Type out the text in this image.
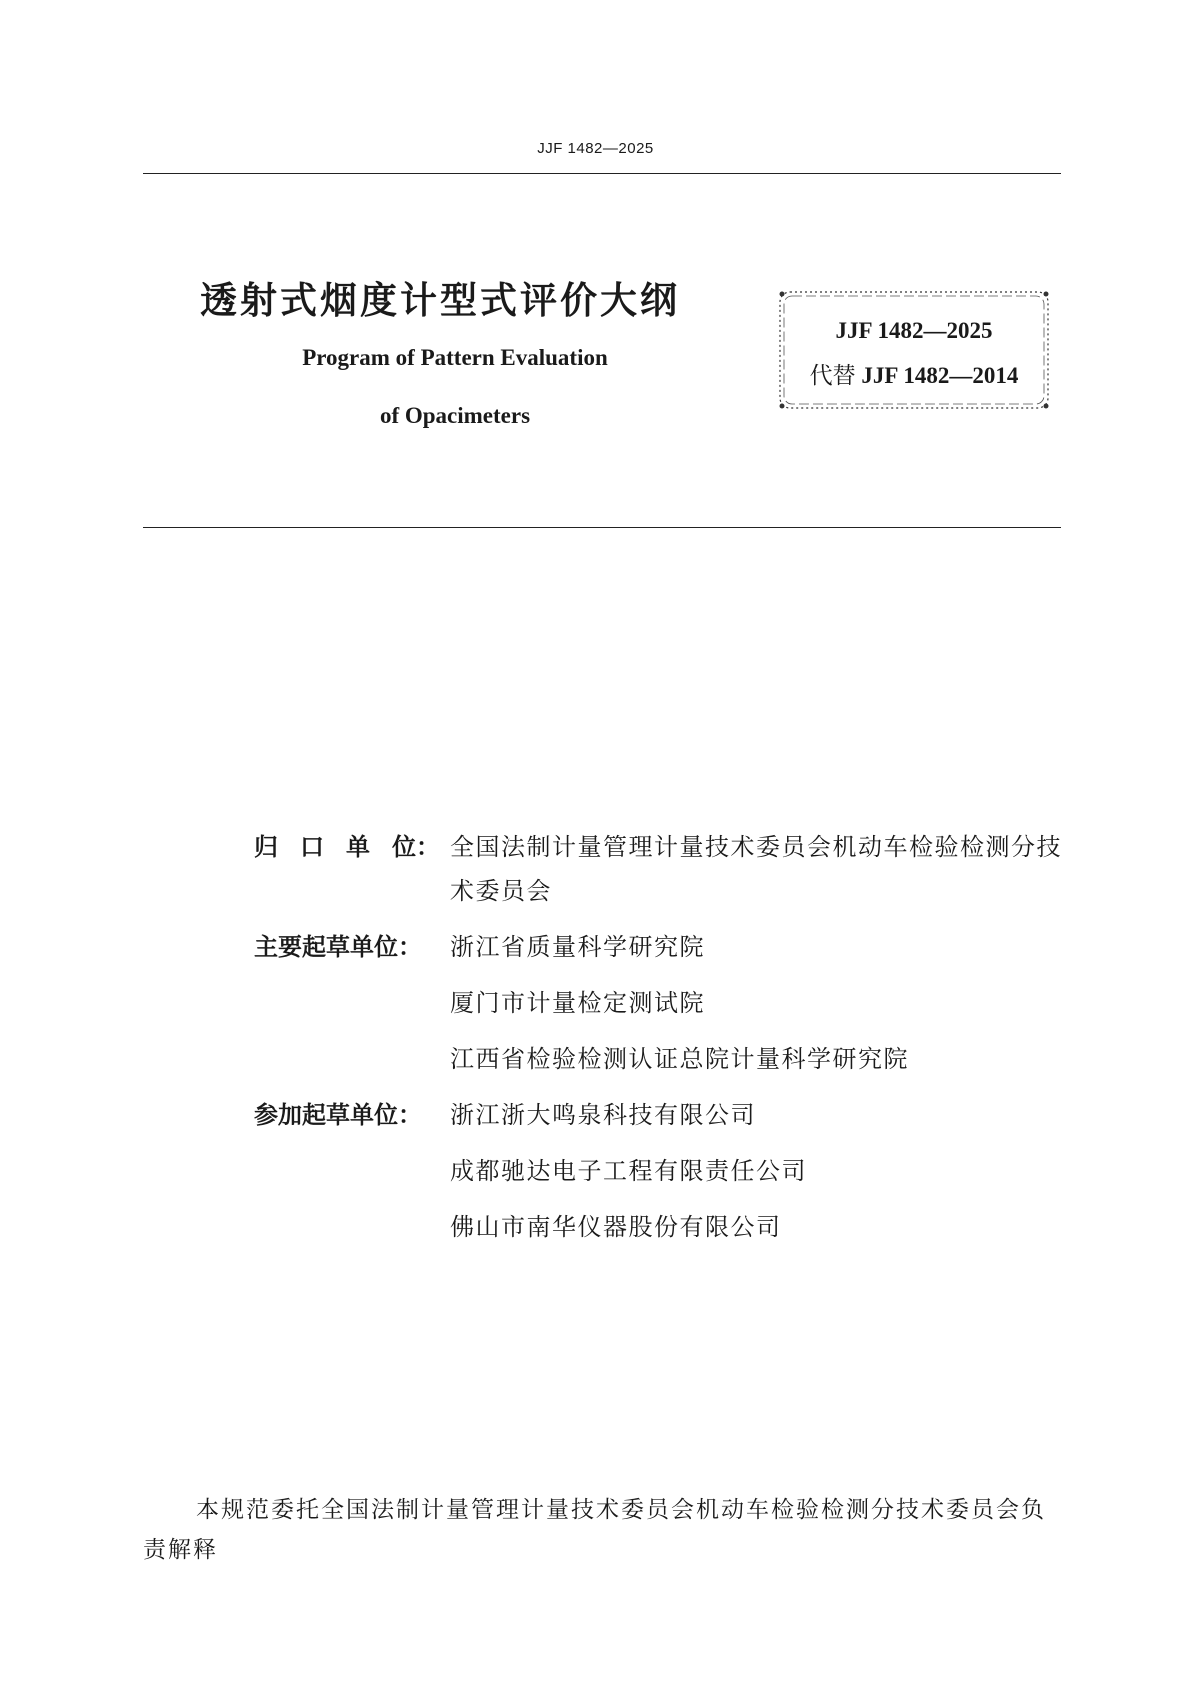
JJF 1482—2025
透射式烟度计型式评价大纲
Program of Pattern Evaluation
of Opacimeters
JJF 1482—2025
代替 JJF 1482—2014
归口单位： 全国法制计量管理计量技术委员会机动车检验检测分技术委员会
主要起草单位：	浙江省质量科学研究院
厦门市计量检定测试院
江西省检验检测认证总院计量科学研究院
参加起草单位：	浙江浙大鸣泉科技有限公司
成都驰达电子工程有限责任公司
佛山市南华仪器股份有限公司
本规范委托全国法制计量管理计量技术委员会机动车检验检测分技术委员会负责解释
